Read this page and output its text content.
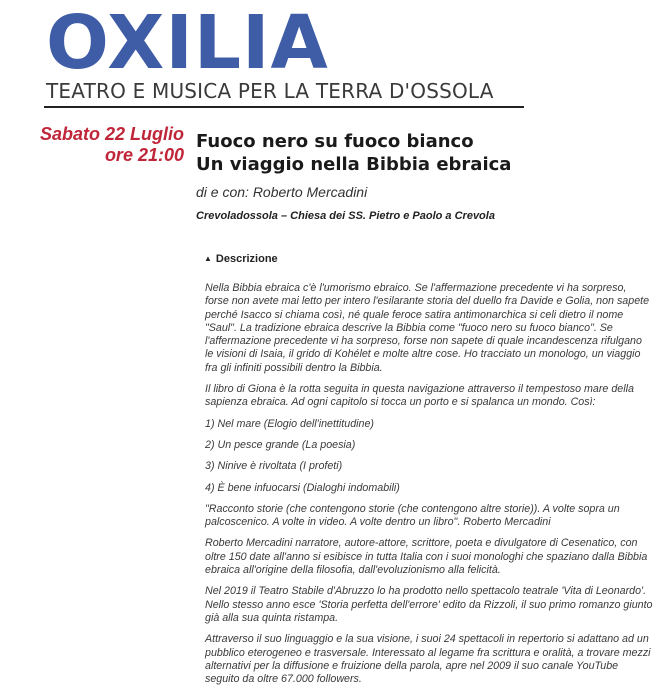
OXILIA
TEATRO E MUSICA PER LA TERRA D'OSSOLA
Sabato 22 Luglio
ore 21:00
Fuoco nero su fuoco bianco
Un viaggio nella Bibbia ebraica
di e con: Roberto Mercadini
Crevoladossola – Chiesa dei SS. Pietro e Paolo a Crevola
▲ Descrizione

Nella Bibbia ebraica c'è l'umorismo ebraico. Se l'affermazione precedente vi ha sorpreso, forse non avete mai letto per intero l'esilarante storia del duello fra Davide e Golia, non sapete perché Isacco si chiama così, né quale feroce satira antimonarchica si celi dietro il nome "Saul". La tradizione ebraica descrive la Bibbia come "fuoco nero su fuoco bianco". Se l'affermazione precedente vi ha sorpreso, forse non sapete di quale incandescenza rifulgano le visioni di Isaia, il grido di Kohélet e molte altre cose. Ho tracciato un monologo, un viaggio fra gli infiniti possibili dentro la Bibbia.

Il libro di Giona è la rotta seguita in questa navigazione attraverso il tempestoso mare della sapienza ebraica. Ad ogni capitolo si tocca un porto e si spalanca un mondo. Così:

1) Nel mare (Elogio dell'inettitudine)

2) Un pesce grande (La poesia)

3) Ninive è rivoltata (I profeti)

4) È bene infuocarsi (Dialoghi indomabili)

"Racconto storie (che contengono storie (che contengono altre storie)). A volte sopra un palcoscenico. A volte in video. A volte dentro un libro". Roberto Mercadini

Roberto Mercadini narratore, autore-attore, scrittore, poeta e divulgatore di Cesenatico, con oltre 150 date all'anno si esibisce in tutta Italia con i suoi monologhi che spaziano dalla Bibbia ebraica all'origine della filosofia, dall'evoluzionismo alla felicità.

Nel 2019 il Teatro Stabile d'Abruzzo lo ha prodotto nello spettacolo teatrale 'Vita di Leonardo'. Nello stesso anno esce 'Storia perfetta dell'errore' edito da Rizzoli, il suo primo romanzo giunto già alla sua quinta ristampa.

Attraverso il suo linguaggio e la sua visione, i suoi 24 spettacoli in repertorio si adattano ad un pubblico eterogeneo e trasversale. Interessato al legame fra scrittura e oralità, a trovare mezzi alternativi per la diffusione e fruizione della parola, apre nel 2009 il suo canale YouTube seguito da oltre 67.000 followers.
